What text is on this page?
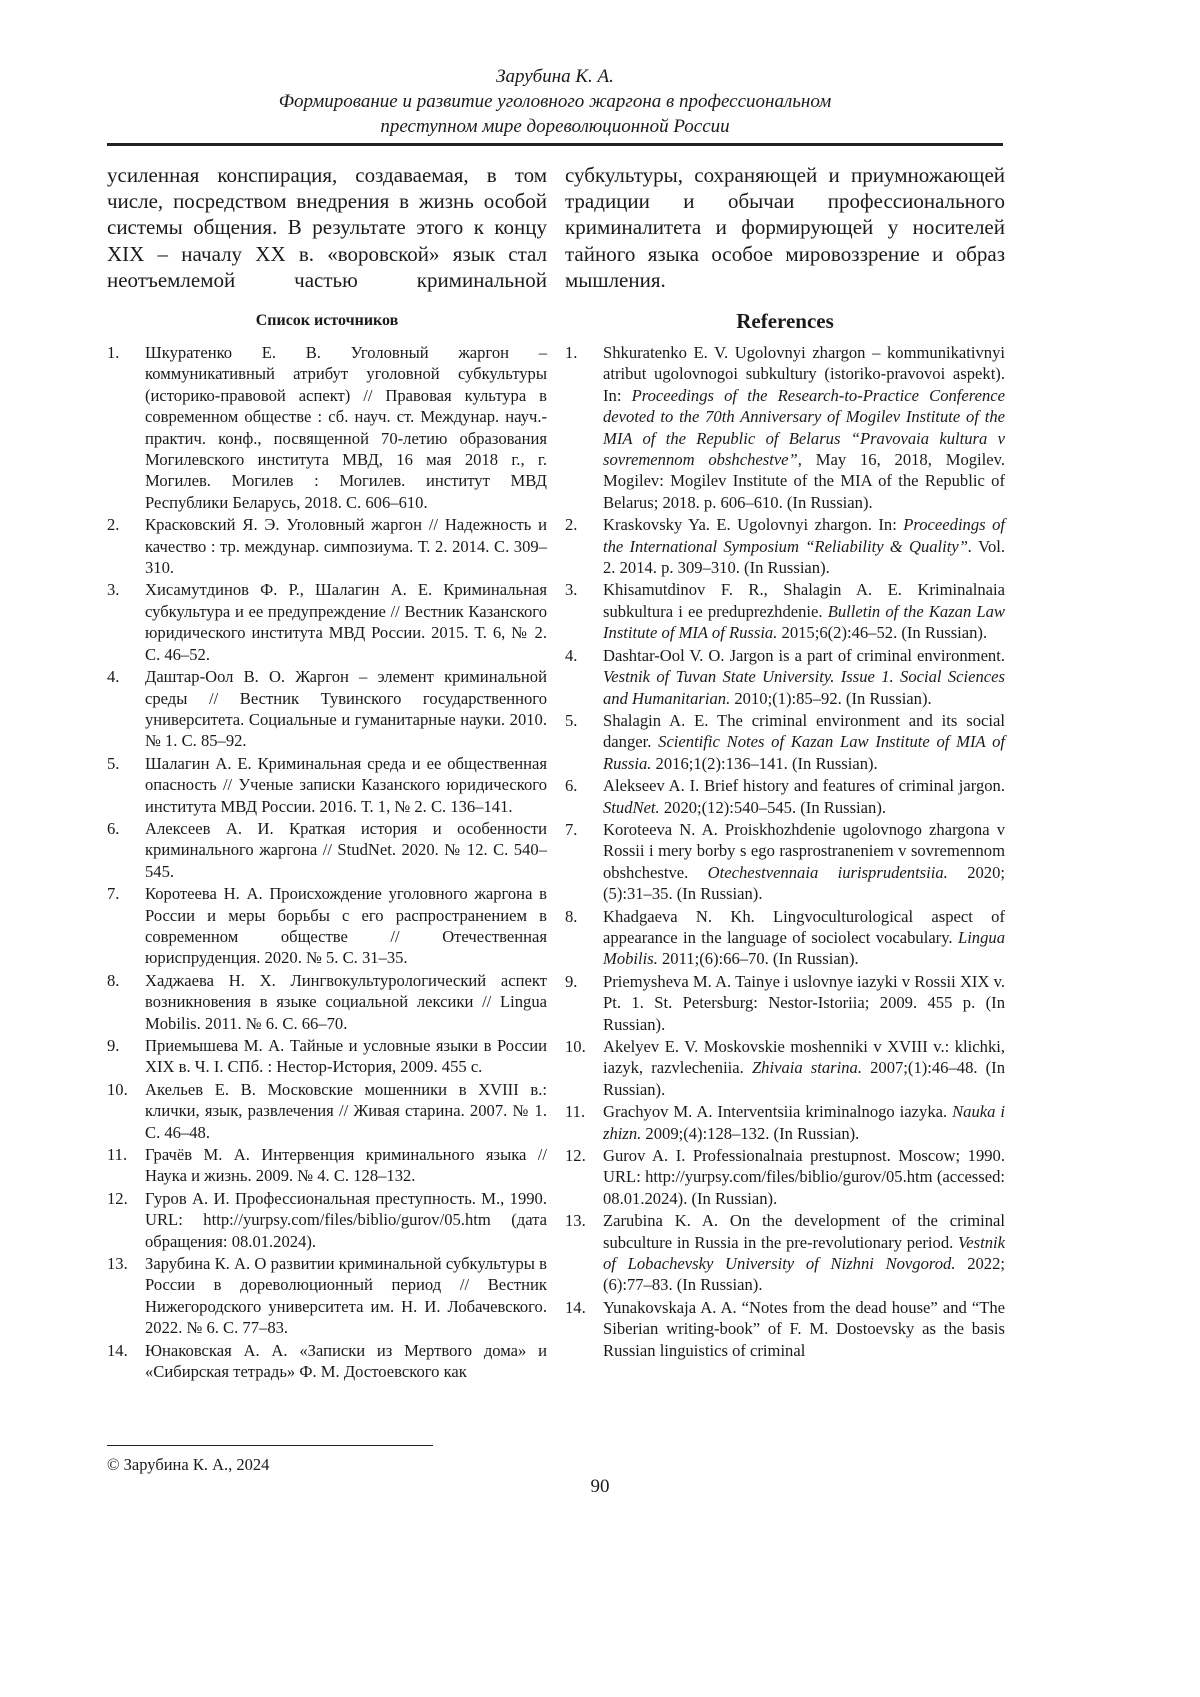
Зарубина К. А.
Формирование и развитие уголовного жаргона в профессиональном
преступном мире дореволюционной России
усиленная конспирация, создаваемая, в том числе, посредством внедрения в жизнь особой системы общения. В результате этого к концу XIX – началу XX в. «воровской» язык стал неотъемлемой частью криминальной
субкультуры, сохраняющей и приумножающей традиции и обычаи профессионального криминалитета и формирующей у носителей тайного языка особое мировоззрение и образ мышления.
Список источников	References
1. Шкуратенко Е. В. Уголовный жаргон – коммуникативный атрибут уголовной субкультуры (историко-правовой аспект) // Правовая культура в современном обществе : сб. науч. ст. Междунар. науч.-практич. конф., посвященной 70-летию образования Могилевского института МВД, 16 мая 2018 г., г. Могилев. Могилев : Могилев. институт МВД Республики Беларусь, 2018. С. 606–610.
2. Красковский Я. Э. Уголовный жаргон // Надежность и качество : тр. междунар. симпозиума. Т. 2. 2014. С. 309–310.
3. Хисамутдинов Ф. Р., Шалагин А. Е. Криминальная субкультура и ее предупреждение // Вестник Казанского юридического института МВД России. 2015. Т. 6, № 2. С. 46–52.
4. Даштар-Оол В. О. Жаргон – элемент криминальной среды // Вестник Тувинского государственного университета. Социальные и гуманитарные науки. 2010. № 1. С. 85–92.
5. Шалагин А. Е. Криминальная среда и ее общественная опасность // Ученые записки Казанского юридического института МВД России. 2016. Т. 1, № 2. С. 136–141.
6. Алексеев А. И. Краткая история и особенности криминального жаргона // StudNet. 2020. № 12. С. 540–545.
7. Коротеева Н. А. Происхождение уголовного жаргона в России и меры борьбы с его распространением в современном обществе // Отечественная юриспруденция. 2020. № 5. С. 31–35.
8. Хаджаева Н. Х. Лингвокультурологический аспект возникновения в языке социальной лексики // Lingua Mobilis. 2011. № 6. С. 66–70.
9. Приемышева М. А. Тайные и условные языки в России XIX в. Ч. I. СПб. : Нестор-История, 2009. 455 с.
10. Акельев Е. В. Московские мошенники в XVIII в.: клички, язык, развлечения // Живая старина. 2007. № 1. С. 46–48.
11. Грачёв М. А. Интервенция криминального языка // Наука и жизнь. 2009. № 4. С. 128–132.
12. Гуров А. И. Профессиональная преступность. М., 1990. URL: http://yurpsy.com/files/biblio/gurov/05.htm (дата обращения: 08.01.2024).
13. Зарубина К. А. О развитии криминальной субкультуры в России в дореволюционный период // Вестник Нижегородского университета им. Н. И. Лобачевского. 2022. № 6. С. 77–83.
14. Юнаковская А. А. «Записки из Мертвого дома» и «Сибирская тетрадь» Ф. М. Достоевского как
1. Shkuratenko E. V. Ugolovnyi zhargon – kommunikativnyi atribut ugolovnogoi subkultury (istoriko-pravovoi aspekt). In: Proceedings of the Research-to-Practice Conference devoted to the 70th Anniversary of Mogilev Institute of the MIA of the Republic of Belarus “Pravovaia kultura v sovremennom obshchestve”, May 16, 2018, Mogilev. Mogilev: Mogilev Institute of the MIA of the Republic of Belarus; 2018. p. 606–610. (In Russian).
2. Kraskovsky Ya. E. Ugolovnyi zhargon. In: Proceedings of the International Symposium “Reliability & Quality”. Vol. 2. 2014. p. 309–310. (In Russian).
3. Khisamutdinov F. R., Shalagin A. E. Kriminalnaia subkultura i ee preduprezhdenie. Bulletin of the Kazan Law Institute of MIA of Russia. 2015;6(2):46–52. (In Russian).
4. Dashtar-Ool V. O. Jargon is a part of criminal environment. Vestnik of Tuvan State University. Issue 1. Social Sciences and Humanitarian. 2010;(1):85–92. (In Russian).
5. Shalagin A. E. The criminal environment and its social danger. Scientific Notes of Kazan Law Institute of MIA of Russia. 2016;1(2):136–141. (In Russian).
6. Alekseev A. I. Brief history and features of criminal jargon. StudNet. 2020;(12):540–545. (In Russian).
7. Koroteeva N. A. Proiskhozhdenie ugolovnogo zhargona v Rossii i mery borby s ego rasprostraneniem v sovremennom obshchestve. Otechestvennaia iurisprudentsiia. 2020;(5):31–35. (In Russian).
8. Khadgaeva N. Kh. Lingvoculturological aspect of appearance in the language of sociolect vocabulary. Lingua Mobilis. 2011;(6):66–70. (In Russian).
9. Priemysheva M. A. Tainye i uslovnye iazyki v Rossii XIX v. Pt. 1. St. Petersburg: Nestor-Istoriia; 2009. 455 p. (In Russian).
10. Akelyev E. V. Moskovskie moshenniki v XVIII v.: klichki, iazyk, razvlecheniia. Zhivaia starina. 2007;(1):46–48. (In Russian).
11. Grachyov M. A. Interventsiia kriminalnogo iazyka. Nauka i zhizn. 2009;(4):128–132. (In Russian).
12. Gurov A. I. Professionalnaia prestupnost. Moscow; 1990. URL: http://yurpsy.com/files/biblio/gurov/05.htm (accessed: 08.01.2024). (In Russian).
13. Zarubina K. A. On the development of the criminal subculture in Russia in the pre-revolutionary period. Vestnik of Lobachevsky University of Nizhni Novgorod. 2022;(6):77–83. (In Russian).
14. Yunakovskaja A. A. “Notes from the dead house” and “The Siberian writing-book” of F. M. Dostoevsky as the basis Russian linguistics of criminal
© Зарубина К. А., 2024
90
